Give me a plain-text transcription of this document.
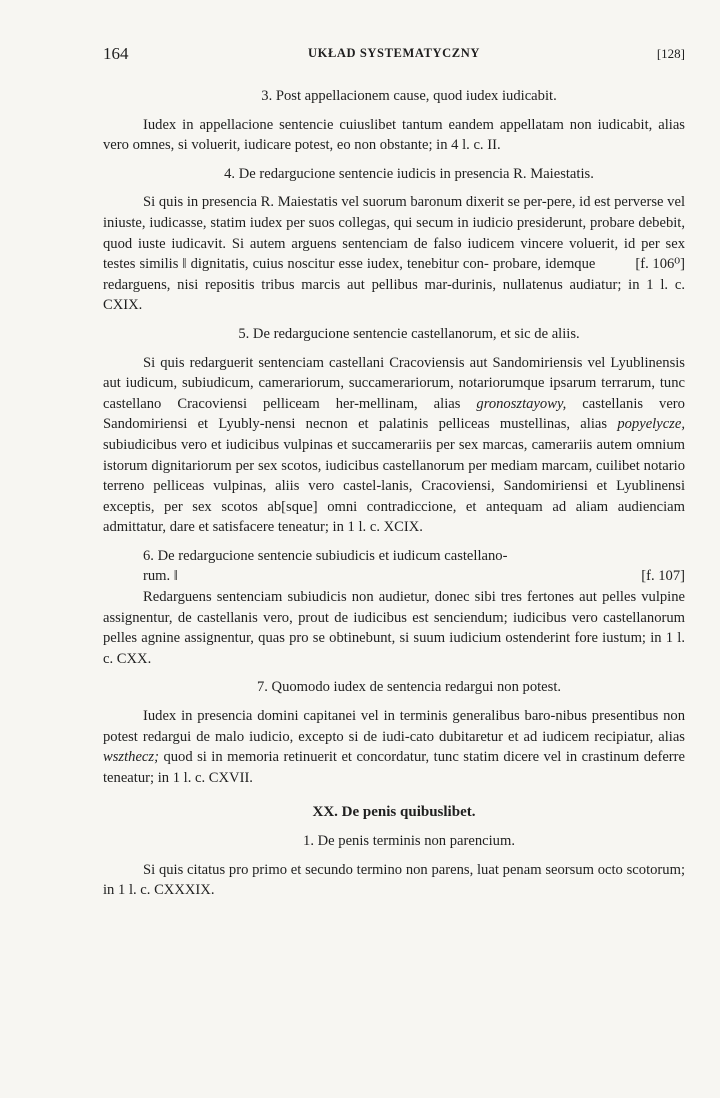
164	UKŁAD SYSTEMATYCZNY	[128]

3. Post appellacionem cause, quod iudex iudicabit.

Iudex in appellacione sentencie cuiuslibet tantum eandem appellatam non iudicabit, alias vero omnes, si voluerit, iudicare potest, eo non obstante; in 4 l. c. II.

4. De redargucione sentencie iudicis in presencia R. Maiestatis.

Si quis in presencia R. Maiestatis vel suorum baronum dixerit se per-pere, id est perverse vel iniuste, iudicasse, statim iudex per suos collegas, qui secum in iudicio presiderunt, probare debebit, quod iuste iudicavit. Si autem arguens sentenciam de falso iudicem vincere voluerit, id per sex testes similis ‖ dignitatis, cuius noscitur esse iudex, tenebitur con-	[f. 106⁰]
probare, idemque redarguens, nisi repositis tribus marcis aut pellibus mar-durinis, nullatenus audiatur; in 1 l. c. CXIX.

5. De redargucione sentencie castellanorum, et sic de aliis.

Si quis redarguerit sentenciam castellani Cracoviensis aut Sandomiriensis vel Lyublinensis aut iudicum, subiudicum, camerariorum, succamerariorum, notariorumque ipsarum terrarum, tunc castellano Cracoviensi pelliceam her-mellinam, alias gronosztayowy, castellanis vero Sandomiriensi et Lyubly-nensi necnon et palatinis pelliceas mustellinas, alias popyelycze, subiudicibus vero et iudicibus vulpinas et succamerariis per sex marcas, camerariis autem omnium istorum dignitariorum per sex scotos, iudicibus castellanorum per mediam marcam, cuilibet notario terreno pelliceas vulpinas, aliis vero castel-lanis, Cracoviensi, Sandomiriensi et Lyublinensi exceptis, per sex scotos ab[sque] omni contradiccione, et antequam ad aliam audienciam admittatur, dare et satisfacere teneatur; in 1 l. c. XCIX.

6. De redargucione sentencie subiudicis et iudicum castellano-

rum. ‖	[f. 107]

Redarguens sentenciam subiudicis non audietur, donec sibi tres fertones aut pelles vulpine assignentur, de castellanis vero, prout de iudicibus est senciendum; iudicibus vero castellanorum pelles agnine assignentur, quas pro se obtinebunt, si suum iudicium ostenderint fore iustum; in 1 l. c. CXX.

7. Quomodo iudex de sentencia redargui non potest.

Iudex in presencia domini capitanei vel in terminis generalibus baro-nibus presentibus non potest redargui de malo iudicio, excepto si de iudi-cato dubitaretur et ad iudicem recipiatur, alias wszthecz; quod si in memoria retinuerit et concordatur, tunc statim dicere vel in crastinum deferre teneatur; in 1 l. c. CXVII.

XX. De penis quibuslibet.

1. De penis terminis non parencium.

Si quis citatus pro primo et secundo termino non parens, luat penam seorsum octo scotorum; in 1 l. c. CXXXIX.
